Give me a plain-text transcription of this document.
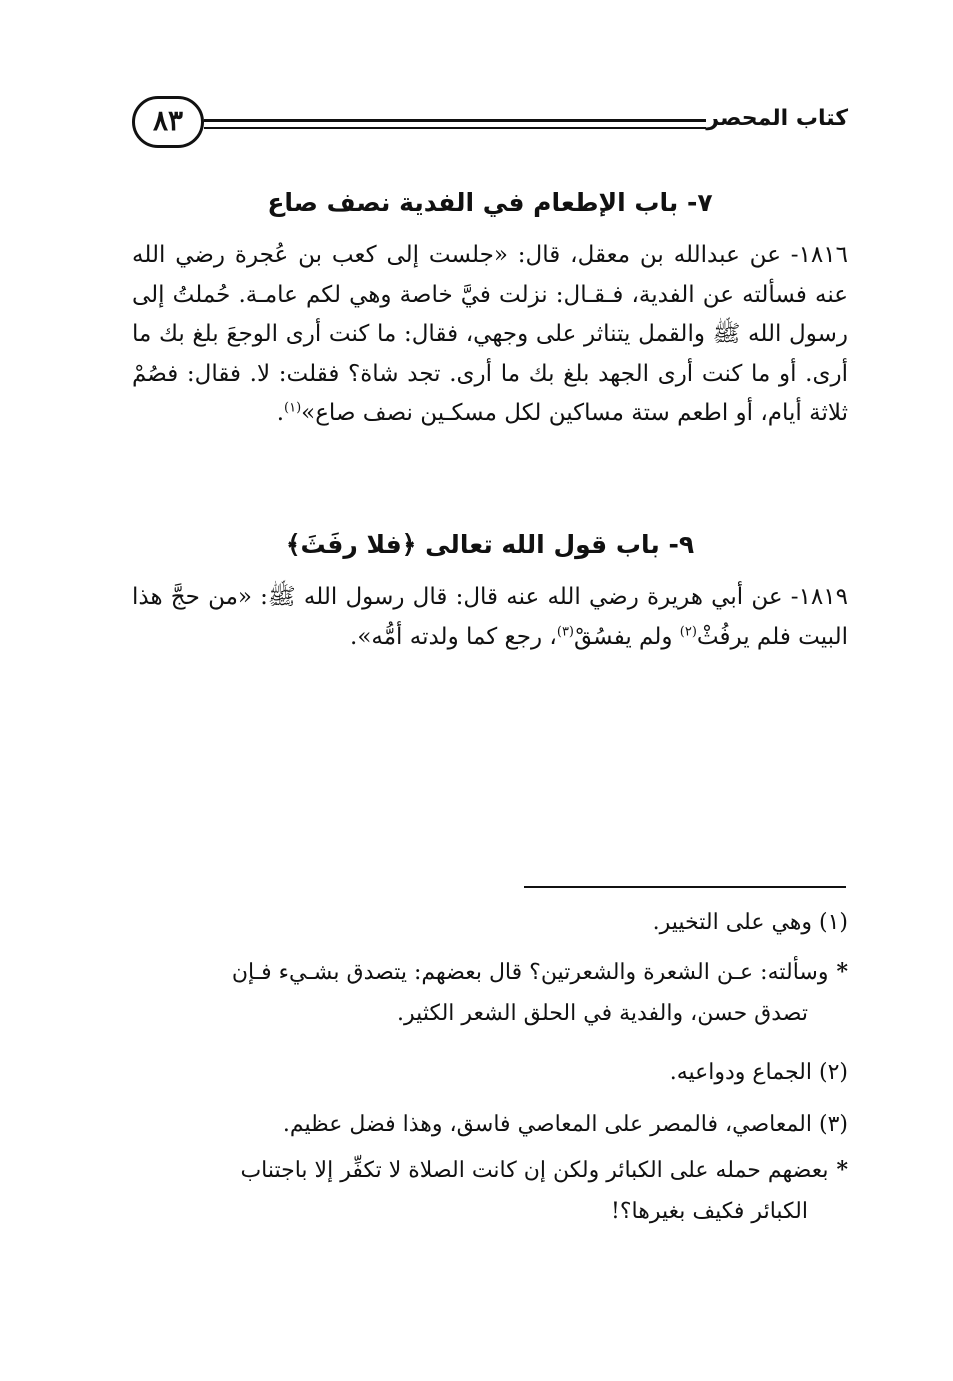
كتاب المحصر
٨٣
٧- باب الإطعام في الفدية نصف صاع
١٨١٦- عن عبدالله بن معقل، قال: «جلست إلى كعب بن عُجرة رضي الله عنه فسألته عن الفدية، فـقـال: نزلت فيَّ خاصة وهي لكم عامـة. حُملتُ إلى رسول الله ﷺ والقمل يتناثر على وجهي، فقال: ما كنت أرى الوجعَ بلغ بك ما أرى. أو ما كنت أرى الجهد بلغ بك ما أرى. تجد شاة؟ فقلت: لا. فقال: فصُمْ ثلاثة أيام، أو اطعم ستة مساكين لكل مسكـين نصف صاع»$^{(١)}$.
٩- باب قول الله تعالى ﴿فلا رفَثَ﴾
١٨١٩- عن أبي هريرة رضي الله عنه قال: قال رسول الله ﷺ: «من حجَّ هذا البيت فلم يرفُثْ$^{(٢)}$ ولم يفسُقْ$^{(٣)}$، رجع كما ولدته أمُّه».
(١) وهي على التخيير.
*وسألته: عـن الشعرة والشعرتين؟ قال بعضهم: يتصدق بشـيء فـإن
تصدق حسن، والفدية في الحلق الشعر الكثير.
(٢) الجماع ودواعيه.
(٣) المعاصي، فالمصر على المعاصي فاسق، وهذا فضل عظيم.
*بعضهم حمله على الكبائر ولكن إن كانت الصلاة لا تكفِّر إلا باجتناب
الكبائر فكيف بغيرها؟!
